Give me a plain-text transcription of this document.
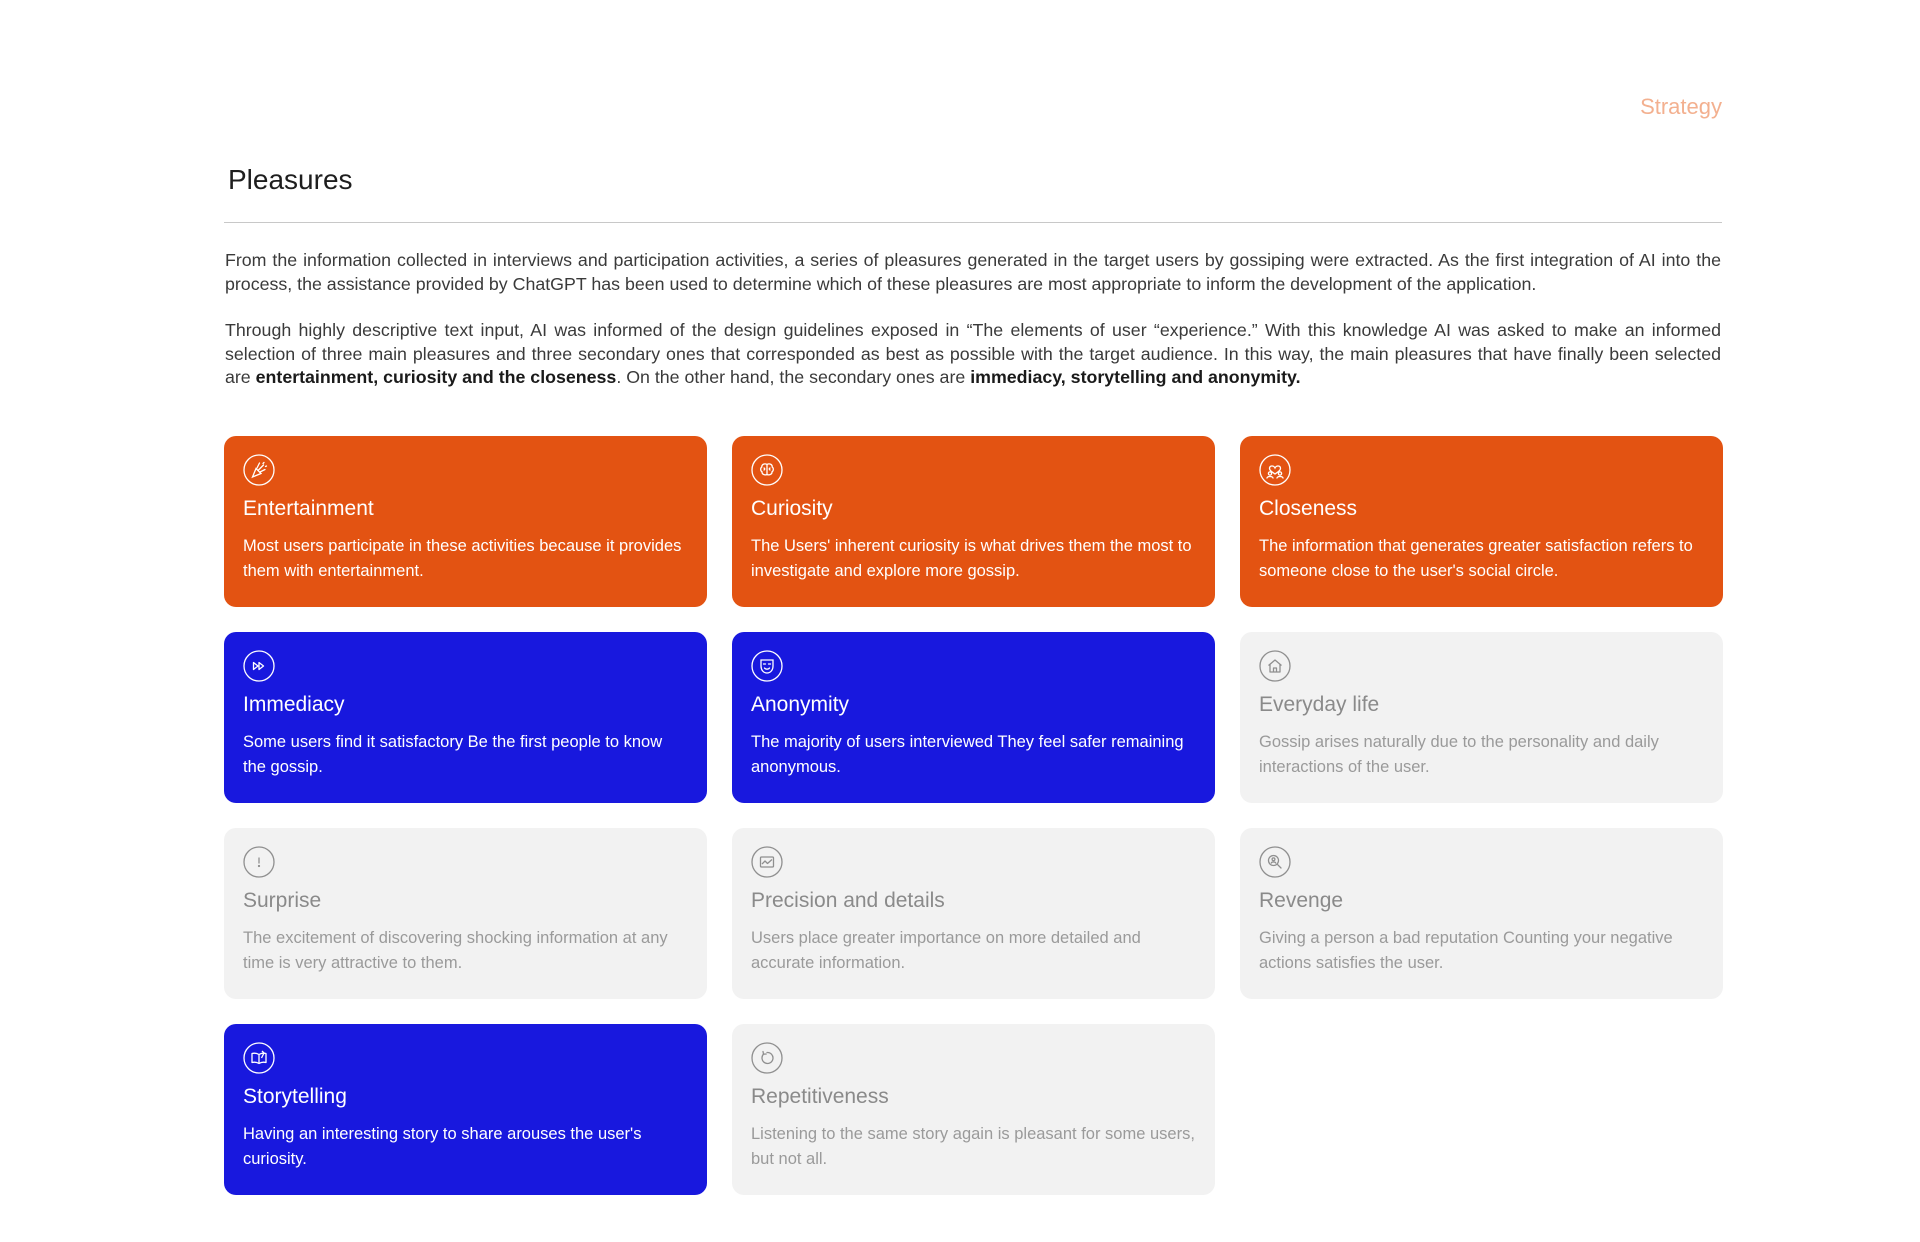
Strategy
Pleasures

From the information collected in interviews and participation activities, a series of pleasures generated in the target users by gossiping were extracted. As the first integration of AI into the process, the assistance provided by ChatGPT has been used to determine which of these pleasures are most appropriate to inform the development of the application.

Through highly descriptive text input, AI was informed of the design guidelines exposed in “The elements of user “experience.” With this knowledge AI was asked to make an informed selection of three main pleasures and three secondary ones that corresponded as best as possible with the target audience. In this way, the main pleasures that have finally been selected are entertainment, curiosity and the closeness. On the other hand, the secondary ones are immediacy, storytelling and anonymity.

Entertainment
Most users participate in these activities because it provides them with entertainment.
Curiosity
The Users' inherent curiosity is what drives them the most to investigate and explore more gossip.
Closeness
The information that generates greater satisfaction refers to someone close to the user's social circle.
Immediacy
Some users find it satisfactory Be the first people to know the gossip.
Anonymity
The majority of users interviewed They feel safer remaining anonymous.
Everyday life
Gossip arises naturally due to the personality and daily interactions of the user.
Surprise
The excitement of discovering shocking information at any time is very attractive to them.
Precision and details
Users place greater importance on more detailed and accurate information.
Revenge
Giving a person a bad reputation Counting your negative actions satisfies the user.
Storytelling
Having an interesting story to share arouses the user's curiosity.
Repetitiveness
Listening to the same story again is pleasant for some users, but not all.
